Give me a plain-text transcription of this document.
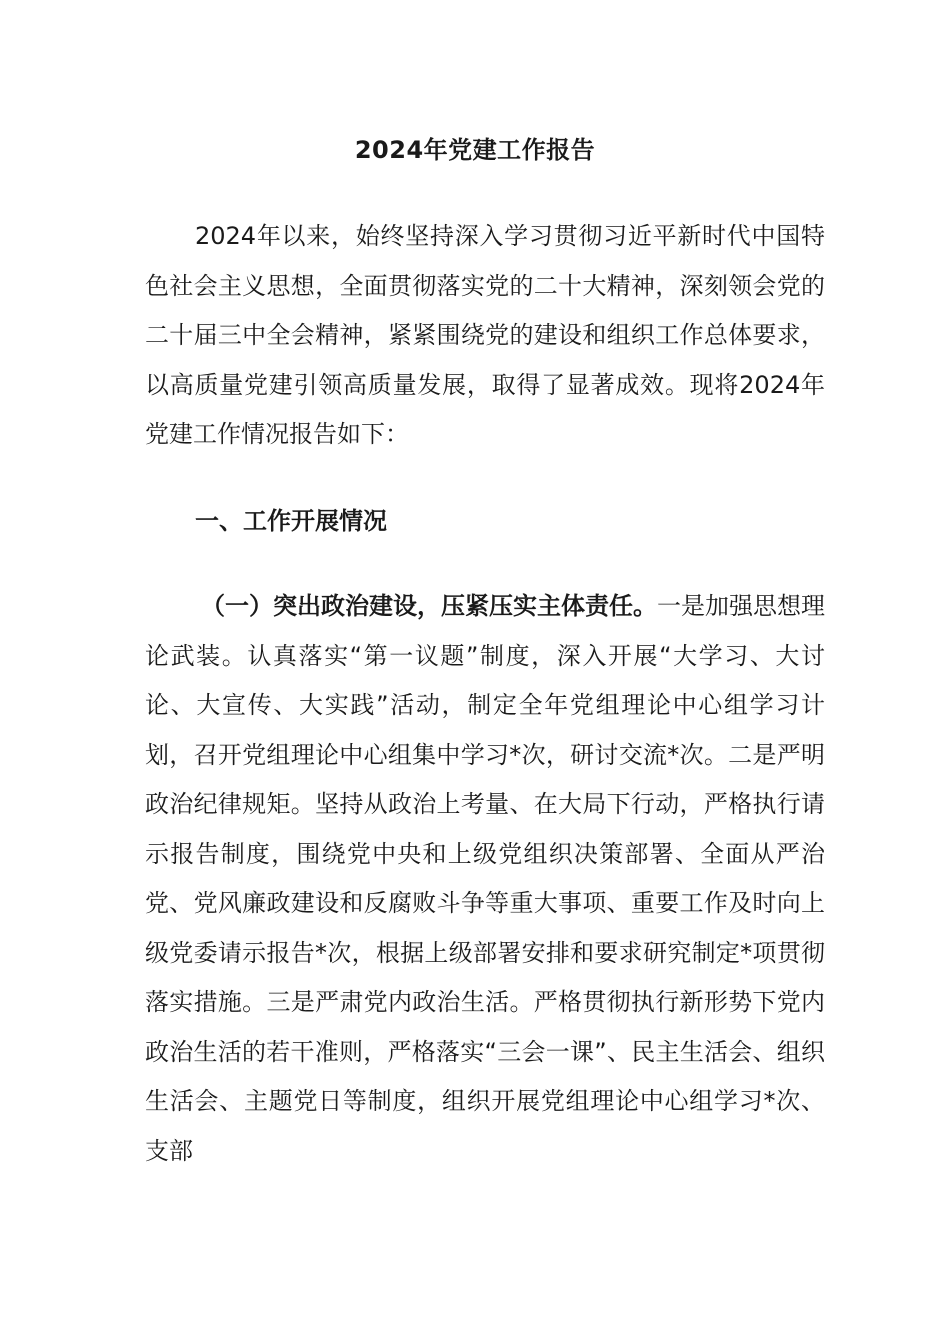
2024年党建工作报告

2024年以来，始终坚持深入学习贯彻习近平新时代中国特色社会主义思想，全面贯彻落实党的二十大精神，深刻领会党的二十届三中全会精神，紧紧围绕党的建设和组织工作总体要求，以高质量党建引领高质量发展，取得了显著成效。现将2024年党建工作情况报告如下：

一、工作开展情况

（一）突出政治建设，压紧压实主体责任。一是加强思想理论武装。认真落实“第一议题”制度，深入开展“大学习、大讨论、大宣传、大实践”活动，制定全年党组理论中心组学习计划，召开党组理论中心组集中学习*次，研讨交流*次。二是严明政治纪律规矩。坚持从政治上考量、在大局下行动，严格执行请示报告制度，围绕党中央和上级党组织决策部署、全面从严治党、党风廉政建设和反腐败斗争等重大事项、重要工作及时向上级党委请示报告*次，根据上级部署安排和要求研究制定*项贯彻落实措施。三是严肃党内政治生活。严格贯彻执行新形势下党内政治生活的若干准则，严格落实“三会一课”、民主生活会、组织生活会、主题党日等制度，组织开展党组理论中心组学习*次、支部
